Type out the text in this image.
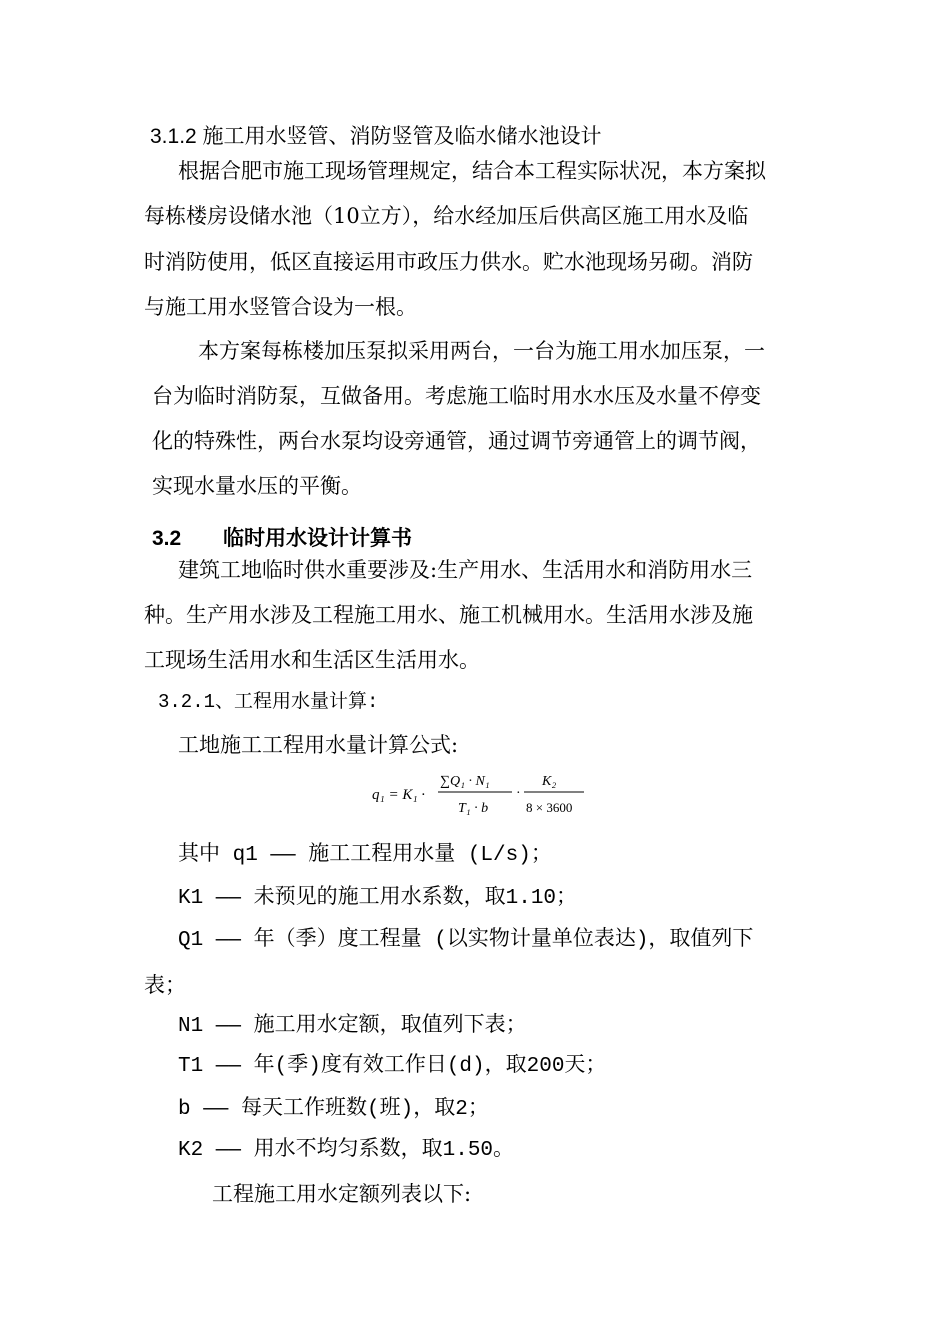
3.1.2 施工用水竖管、消防竖管及临水储水池设计
根据合肥市施工现场管理规定，结合本工程实际状况，本方案拟
每栋楼房设储水池（10立方），给水经加压后供高区施工用水及临
时消防使用，低区直接运用市政压力供水。贮水池现场另砌。消防
与施工用水竖管合设为一根。
本方案每栋楼加压泵拟采用两台，一台为施工用水加压泵，一
台为临时消防泵，互做备用。考虑施工临时用水水压及水量不停变
化的特殊性，两台水泵均设旁通管，通过调节旁通管上的调节阀，
实现水量水压的平衡。
3.2 临时用水设计计算书
建筑工地临时供水重要涉及:生产用水、生活用水和消防用水三
种。生产用水涉及工程施工用水、施工机械用水。生活用水涉及施
工现场生活用水和生活区生活用水。
3.2.1、工程用水量计算:
工地施工工程用水量计算公式:
q₁ = K₁ ·
∑Q₁ · N₁
T₁ · b
·
K₂
8 × 3600
其中 q1 —— 施工工程用水量 (L/s)；
K1 —— 未预见的施工用水系数，取1.10；
Q1 —— 年（季）度工程量 (以实物计量单位表达)，取值列下
表；
N1 —— 施工用水定额，取值列下表；
T1 —— 年(季)度有效工作日(d)，取200天；
b —— 每天工作班数(班)，取2；
K2 —— 用水不均匀系数，取1.50。
工程施工用水定额列表以下:
